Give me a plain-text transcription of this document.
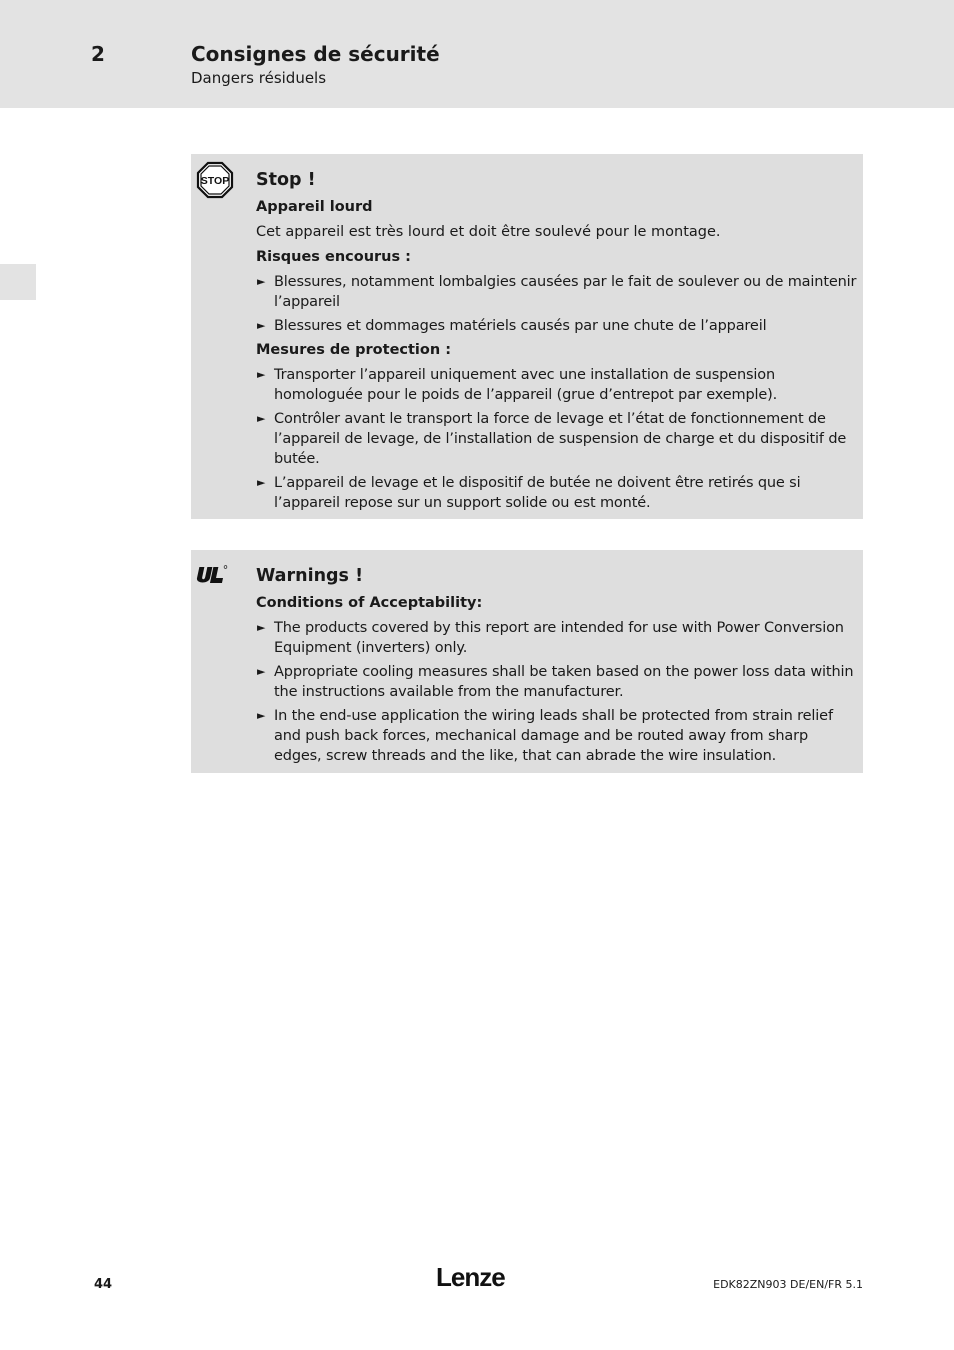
2	Consignes de sécurité
Dangers résiduels
STOP Stop !
Appareil lourd
Cet appareil est très lourd et doit être soulevé pour le montage.
Risques encourus :
► Blessures, notamment lombalgies causées par le fait de soulever ou de maintenir l’appareil
► Blessures et dommages matériels causés par une chute de l’appareil
Mesures de protection :
► Transporter l’appareil uniquement avec une installation de suspension homologuée pour le poids de l’appareil (grue d’entrepot par exemple).
► Contrôler avant le transport la force de levage et l’état de fonctionnement de l’appareil de levage, de l’installation de suspension de charge et du dispositif de butée.
► L’appareil de levage et le dispositif de butée ne doivent être retirés que si l’appareil repose sur un support solide ou est monté.
Warnings !
Conditions of Acceptability:
► The products covered by this report are intended for use with Power Conversion Equipment (inverters) only.
► Appropriate cooling measures shall be taken based on the power loss data within the instructions available from the manufacturer.
► In the end-use application the wiring leads shall be protected from strain relief and push back forces, mechanical damage and be routed away from sharp edges, screw threads and the like, that can abrade the wire insulation.
44	Lenze	EDK82ZN903 DE/EN/FR 5.1
